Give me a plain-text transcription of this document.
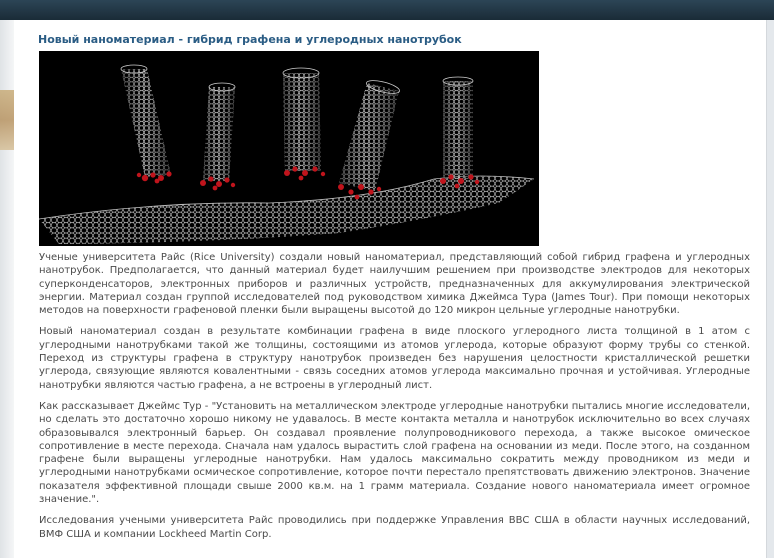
Новый наноматериал - гибрид графена и углеродных нанотрубок

Ученые университета Райс (Rice University) создали новый наноматериал, представляющий собой гибрид графена и углеродных нанотрубок. Предполагается, что данный материал будет наилучшим решением при производстве электродов для некоторых суперконденсаторов, электронных приборов и различных устройств, предназначенных для аккумулирования электрической энергии. Материал создан группой исследователей под руководством химика Джеймса Тура (James Tour). При помощи некоторых методов на поверхности графеновой пленки были выращены высотой до 120 микрон цельные углеродные нанотрубки.

Новый наноматериал создан в результате комбинации графена в виде плоского углеродного листа толщиной в 1 атом с углеродными нанотрубками такой же толщины, состоящими из атомов углерода, которые образуют форму трубы со стенкой. Переход из структуры графена в структуру нанотрубок произведен без нарушения целостности кристаллической решетки углерода, связующие являются ковалентными - связь соседних атомов углерода максимально прочная и устойчивая. Углеродные нанотрубки являются частью графена, а не встроены в углеродный лист.

Как рассказывает Джеймс Тур - "Установить на металлическом электроде углеродные нанотрубки пытались многие исследователи, но сделать это достаточно хорошо никому не удавалось. В месте контакта металла и нанотрубок исключительно во всех случаях образовывался электронный барьер. Он создавал проявление полупроводникового перехода, а также высокое омическое сопротивление в месте перехода. Сначала нам удалось вырастить слой графена на основании из меди. После этого, на созданном графене были выращены углеродные нанотрубки. Нам удалось максимально сократить между проводником из меди и углеродными нанотрубками осмическое сопротивление, которое почти перестало препятствовать движению электронов. Значение показателя эффективной площади свыше 2000 кв.м. на 1 грамм материала. Создание нового наноматериала имеет огромное значение.".

Исследования учеными университета Райс проводились при поддержке Управления ВВС США в области научных исследований, ВМФ США и компании Lockheed Martin Corp.
